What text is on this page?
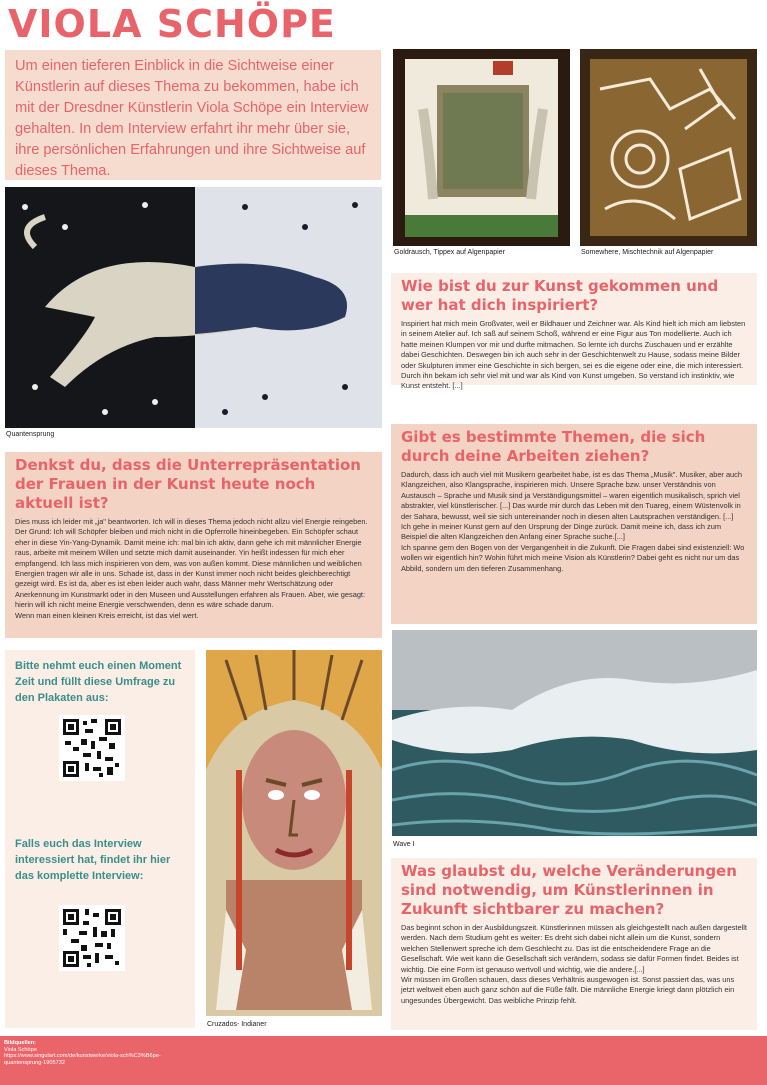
VIOLA SCHÖPE
Um einen tieferen Einblick in die Sichtweise einer Künstlerin auf dieses Thema zu bekommen, habe ich mit der Dresdner Künstlerin Viola Schöpe ein Interview gehalten. In dem Interview erfahrt ihr mehr über sie, ihre persönlichen Erfahrungen und ihre Sichtweise auf dieses Thema.
Goldrausch, Tippex auf Algenpapier	Somewhere, Mischtechnik auf Algenpapier
Quantensprung
Wie bist du zur Kunst gekommen und wer hat dich inspiriert?

Inspiriert hat mich mein Großvater, weil er Bildhauer und Zeichner war. Als Kind hielt ich mich am liebsten in seinem Atelier auf. Ich saß auf seinem Schoß, während er eine Figur aus Ton modellierte. Auch ich hatte meinen Klumpen vor mir und durfte mitmachen. So lernte ich durchs Zuschauen und er erzählte dabei Geschichten. Deswegen bin ich auch sehr in der Geschichtenwelt zu Hause, sodass meine Bilder oder Skulpturen immer eine Geschichte in sich bergen, sei es die eigene oder eine, die mich interessiert. Durch ihn bekam ich sehr viel mit und war als Kind von Kunst umgeben. So verstand ich instinktiv, wie Kunst entsteht. [...]

Gibt es bestimmte Themen, die sich durch deine Arbeiten ziehen?

Dadurch, dass ich auch viel mit Musikern gearbeitet habe, ist es das Thema „Musik". Musiker, aber auch Klangzeichen, also Klangsprache, inspirieren mich. Unsere Sprache bzw. unser Verständnis von Austausch – Sprache und Musik sind ja Verständigungsmittel – waren eigentlich musikalisch, sprich viel abstrakter, viel künstlerischer. [...] Das wurde mir durch das Leben mit den Tuareg, einem Wüstenvolk in der Sahara, bewusst, weil sie sich untereinander noch in diesen alten Lautsprachen verständigen. [...]
Ich gehe in meiner Kunst gern auf den Ursprung der Dinge zurück. Damit meine ich, dass ich zum Beispiel die alten Klangzeichen den Anfang einer Sprache suche.[...]
Ich spanne gern den Bogen von der Vergangenheit in die Zukunft. Die Fragen dabei sind existenziell: Wo wollen wir eigentlich hin? Wohin führt mich meine Vision als Künstlerin? Dabei geht es nicht nur um das Abbild, sondern um den tieferen Zusammenhang.

Denkst du, dass die Unterrepräsentation der Frauen in der Kunst heute noch aktuell ist?

Dies muss ich leider mit „ja" beantworten. Ich will in dieses Thema jedoch nicht allzu viel Energie reingeben. Der Grund: Ich will Schöpfer bleiben und mich nicht in die Opferrolle hineinbegeben. Ein Schöpfer schaut eher in diese Yin-Yang-Dynamik. Damit meine ich: mal bin ich aktiv, dann gehe ich mit männlicher Energie raus, arbeite mit meinem Willen und setzte mich damit auseinander. Yin heißt indessen für mich eher empfangend. Ich lass mich inspirieren von dem, was von außen kommt. Diese männlichen und weiblichen Energien tragen wir alle in uns. Schade ist, dass in der Kunst immer noch nicht beides gleichberechtigt gezeigt wird. Es ist da, aber es ist eben leider auch wahr, dass Männer mehr Wertschätzung oder Anerkennung im Kunstmarkt oder in den Museen und Ausstellungen erfahren als Frauen. Aber, wie gesagt: hierin will ich nicht meine Energie verschwenden, denn es wäre schade darum.
Wenn man einen kleinen Kreis erreicht, ist das viel wert.

Bitte nehmt euch einen Moment Zeit und füllt diese Umfrage zu den Plakaten aus:
Falls euch das Interview interessiert hat, findet ihr hier das komplette Interview:
Cruzados- Indianer
Wave I
Was glaubst du, welche Veränderungen sind notwendig, um Künstlerinnen in Zukunft sichtbarer zu machen?

Das beginnt schon in der Ausbildungszeit. Künstlerinnen müssen als gleichgestellt nach außen dargestellt werden. Nach dem Studium geht es weiter: Es dreht sich dabei nicht allein um die Kunst, sondern welchen Stellenwert spreche ich dem Geschlecht zu. Das ist die entscheidendere Frage an die Gesellschaft. Wie weit kann die Gesellschaft sich verändern, sodass sie dafür Formen findet. Beides ist wichtig. Die eine Form ist genauso wertvoll und wichtig, wie die andere.[...]
Wir müssen im Großen schauen, dass dieses Verhältnis ausgewogen ist. Sonst passiert das, was uns jetzt weltweit eben auch ganz schön auf die Füße fällt. Die männliche Energie kriegt dann plötzlich ein ungesundes Übergewicht. Das weibliche Prinzip fehlt.

Bildquellen:
Viola Schöpe
https://www.singulart.com/de/kunstwerke/viola-sch%C3%B6pe-
quantensprung-1905732
